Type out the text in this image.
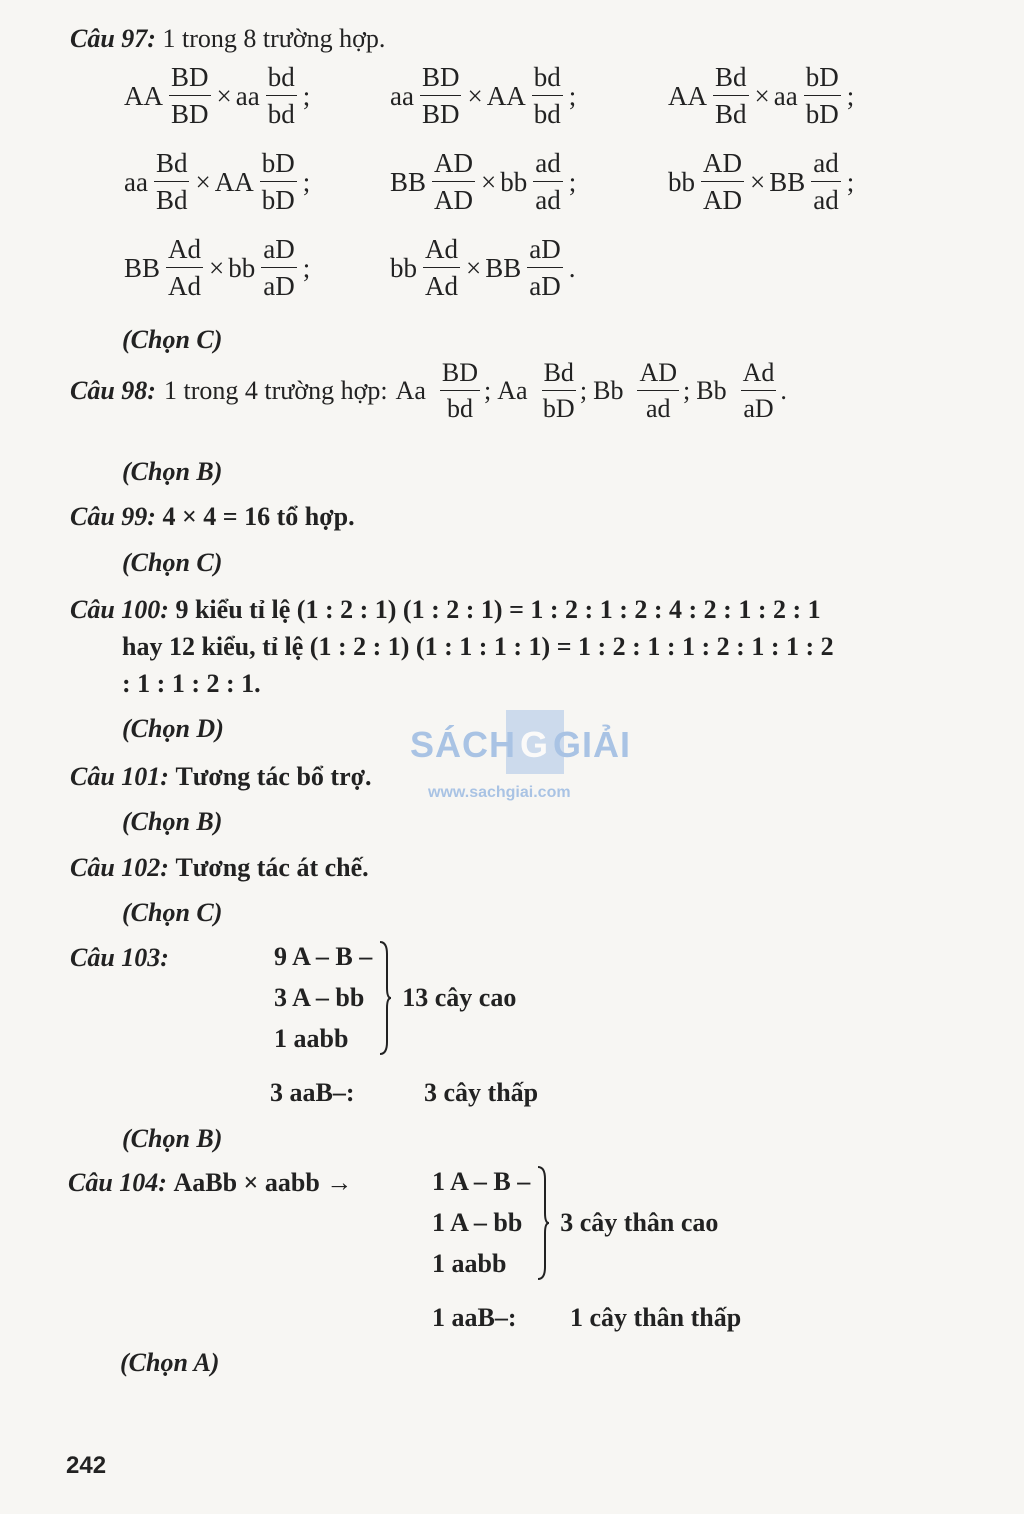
Câu 97: 1 trong 8 trường hợp.
AA $\frac{BD}{BD}$ × aa $\frac{bd}{bd}$ ;	aa $\frac{BD}{BD}$ × AA $\frac{bd}{bd}$ ;	AA $\frac{Bd}{Bd}$ × aa $\frac{bD}{bD}$ ;
aa $\frac{Bd}{Bd}$ × AA $\frac{bD}{bD}$ ;	BB $\frac{AD}{AD}$ × bb $\frac{ad}{ad}$ ;	bb $\frac{AD}{AD}$ × BB $\frac{ad}{ad}$ ;
BB $\frac{Ad}{Ad}$ × bb $\frac{aD}{aD}$ ;	bb $\frac{Ad}{Ad}$ × BB $\frac{aD}{aD}$ .
(Chọn C)
Câu 98: 1 trong 4 trường hợp: Aa $\frac{BD}{bd}$ ; Aa $\frac{Bd}{bD}$ ; Bb $\frac{AD}{ad}$ ; Bb $\frac{Ad}{aD}$ .
(Chọn B)
Câu 99: 4 × 4 = 16 tổ hợp.
(Chọn C)
Câu 100: 9 kiểu tỉ lệ (1 : 2 : 1) (1 : 2 : 1) = 1 : 2 : 1 : 2 : 4 : 2 : 1 : 2 : 1
hay 12 kiểu, tỉ lệ (1 : 2 : 1) (1 : 1 : 1 : 1) = 1 : 2 : 1 : 1 : 2 : 1 : 1 : 2
: 1 : 1 : 2 : 1.
(Chọn D)	SÁCH G GIẢI
www.sachgiai.com
Câu 101: Tương tác bổ trợ.
(Chọn B)
Câu 102: Tương tác át chế.
(Chọn C)
Câu 103:	9 A – B –
3 A – bb
1 aabb
13 cây cao
3 aaB–:	3 cây thấp
(Chọn B)
Câu 104: AaBb × aabb →	1 A – B –
1 A – bb
1 aabb
3 cây thân cao
1 aaB–: 1 cây thân thấp
(Chọn A)
242
